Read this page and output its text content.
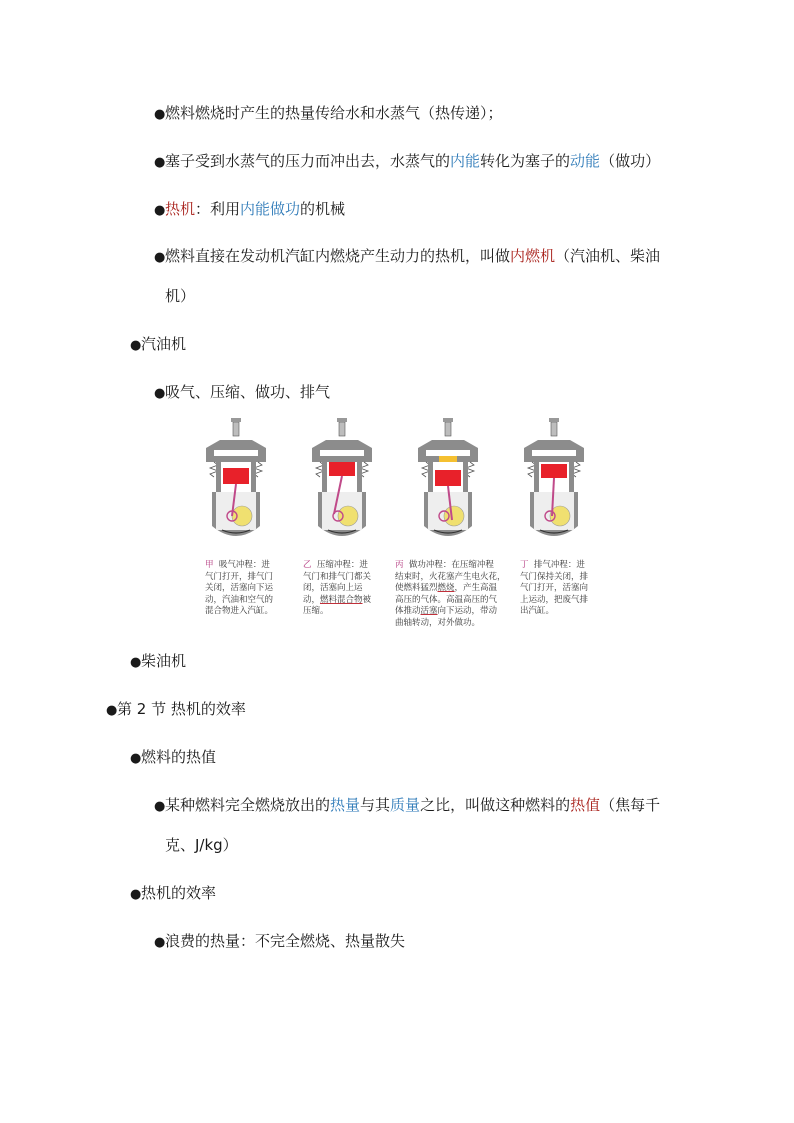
●燃料燃烧时产生的热量传给水和水蒸气（热传递）；
●塞子受到水蒸气的压力而冲出去，水蒸气的内能转化为塞子的动能（做功）
●热机：利用内能做功的机械
●燃料直接在发动机汽缸内燃烧产生动力的热机，叫做内燃机（汽油机、柴油
机）
●汽油机
●吸气、压缩、做功、排气
甲 吸气冲程：进
气门打开，排气门
关闭，活塞向下运
动，汽油和空气的
混合物进入汽缸。
乙 压缩冲程：进
气门和排气门都关
闭，活塞向上运
动，燃料混合物被
压缩。
丙 做功冲程：在压缩冲程
结束时，火花塞产生电火花，
使燃料猛烈燃烧，产生高温
高压的气体。高温高压的气
体推动活塞向下运动，带动
曲轴转动，对外做功。
丁 排气冲程：进
气门保持关闭，排
气门打开，活塞向
上运动，把废气排
出汽缸。
●柴油机
●第 2 节 热机的效率
●燃料的热值
●某种燃料完全燃烧放出的热量与其质量之比，叫做这种燃料的热值（焦每千
克、J/kg）
●热机的效率
●浪费的热量：不完全燃烧、热量散失
